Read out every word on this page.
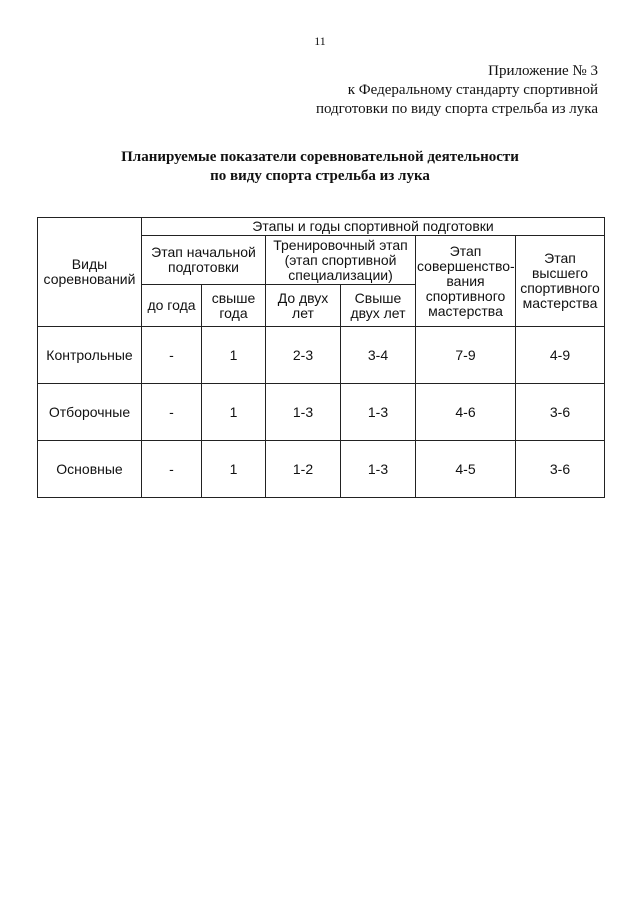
11
Приложение № 3
к Федеральному стандарту спортивной
подготовки по виду спорта стрельба из лука
Планируемые показатели соревновательной деятельности
по виду спорта стрельба из лука
Виды соревнований	Этапы и годы спортивной подготовки					
	Этап начальной подготовки		Тренировочный этап (этап спортивной специализации)		Этап совершенство-вания спортивного мастерства	Этап высшего спортивного мастерства
	до года	свыше года	До двух лет	Свыше двух лет		
Контрольные	-	1	2-3	3-4	7-9	4-9
Отборочные	-	1	1-3	1-3	4-6	3-6
Основные	-	1	1-2	1-3	4-5	3-6
